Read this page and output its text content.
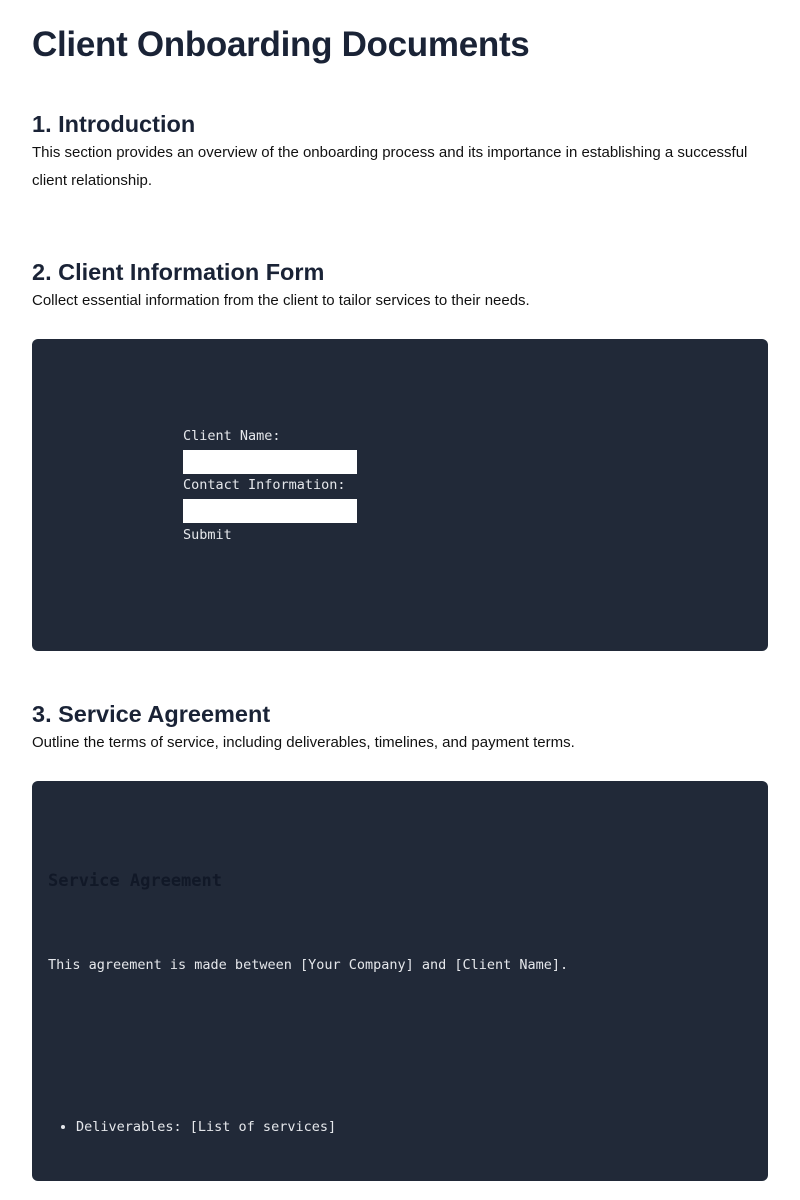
Client Onboarding Documents
1. Introduction

This section provides an overview of the onboarding process and its importance in establishing a successful client relationship.

2. Client Information Form

Collect essential information from the client to tailor services to their needs.

Client Name:
Contact Information:
Submit
3. Service Agreement

Outline the terms of service, including deliverables, timelines, and payment terms.

Service Agreement

This agreement is made between [Your Company] and [Client Name].

• Deliverables: [List of services]
